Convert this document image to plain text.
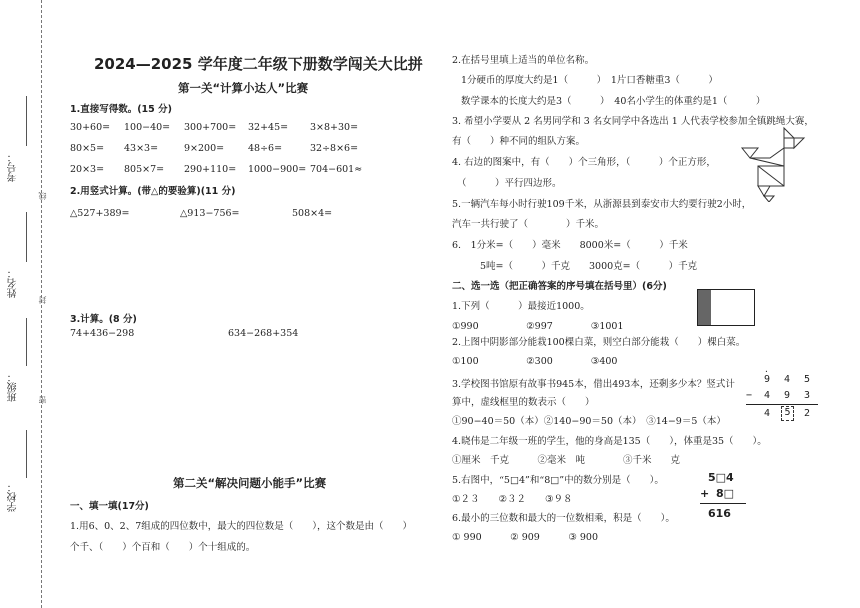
考号：
姓名：
班级：
学校：
线
封
密
2024—2025 学年度二年级下册数学闯关大比拼
第一关“计算小达人”比赛
1.直接写得数。(15 分)
30+60= 100−40= 300+700= 32+45= 3×8+30=
80×5= 43×3=	9×200=	48÷6=	32÷8×6=
20×3= 805×7= 290+110= 1000−900= 704−601≈
2.用竖式计算。(带△的要验算)(11 分)
△527+389=	△913−756=	508×4=
3.计算。(8 分)
74+436−298	634−268+354
第二关“解决问题小能手”比赛
一、填一填(17分)
1.用6、0、2、7组成的四位数中，最大的四位数是（　　），这个数是由（　　）
个千、（　　）个百和（　　）个十组成的。
2.在括号里填上适当的单位名称。
1分硬币的厚度大约是1（　　　）　1片口香糖重3（　　　）
数学课本的长度大约是3（　　　）　40名小学生的体重约是1（　　　）
3. 希望小学要从 2 名男同学和 3 名女同学中各选出 1 人代表学校参加全镇跳绳大赛，
有（　　）种不同的组队方案。
4. 右边的图案中，有（　　）个三角形，（　　　）个正方形，
（　　　）平行四边形。
5.一辆汽车每小时行驶109千米，从浙源县到泰安市大约要行驶2小时，
汽车一共行驶了（　　　　）千米。
6.　1分米=（　　）毫米　　8000米=（　　　）千米
5吨=（　　　）千克　　3000克=（　　　）千克
二、选一选（把正确答案的序号填在括号里）(6分)
1.下列（　　　）最接近1000。
①990　　　　　②997　　　　③1001
2.上图中阴影部分能栽100棵白菜，则空白部分能栽（　　）棵白菜。
①100　　　　　②300　　　　③400
3.学校图书馆原有故事书945本，借出493本，还剩多少本？竖式计
算中，虚线框里的数表示（　　）
①90−40＝50（本）②140−90＝50（本）　③14−9＝5（本）
·
9 4 5
− 4 9 3
4	5	2
4.晓伟是二年级一班的学生，他的身高是135（　　），体重是35（　　）。
①厘米　千克　　　②毫米　吨　　　　③千米　　克
5.右图中，“5□4”和“8□”中的数分别是（　　）。
①２３　　②３２　　③９８
5□4
+ 8□
616
6.最小的三位数和最大的一位数相乘，积是（　　）。
① 990　　　② 909　　　③ 900
